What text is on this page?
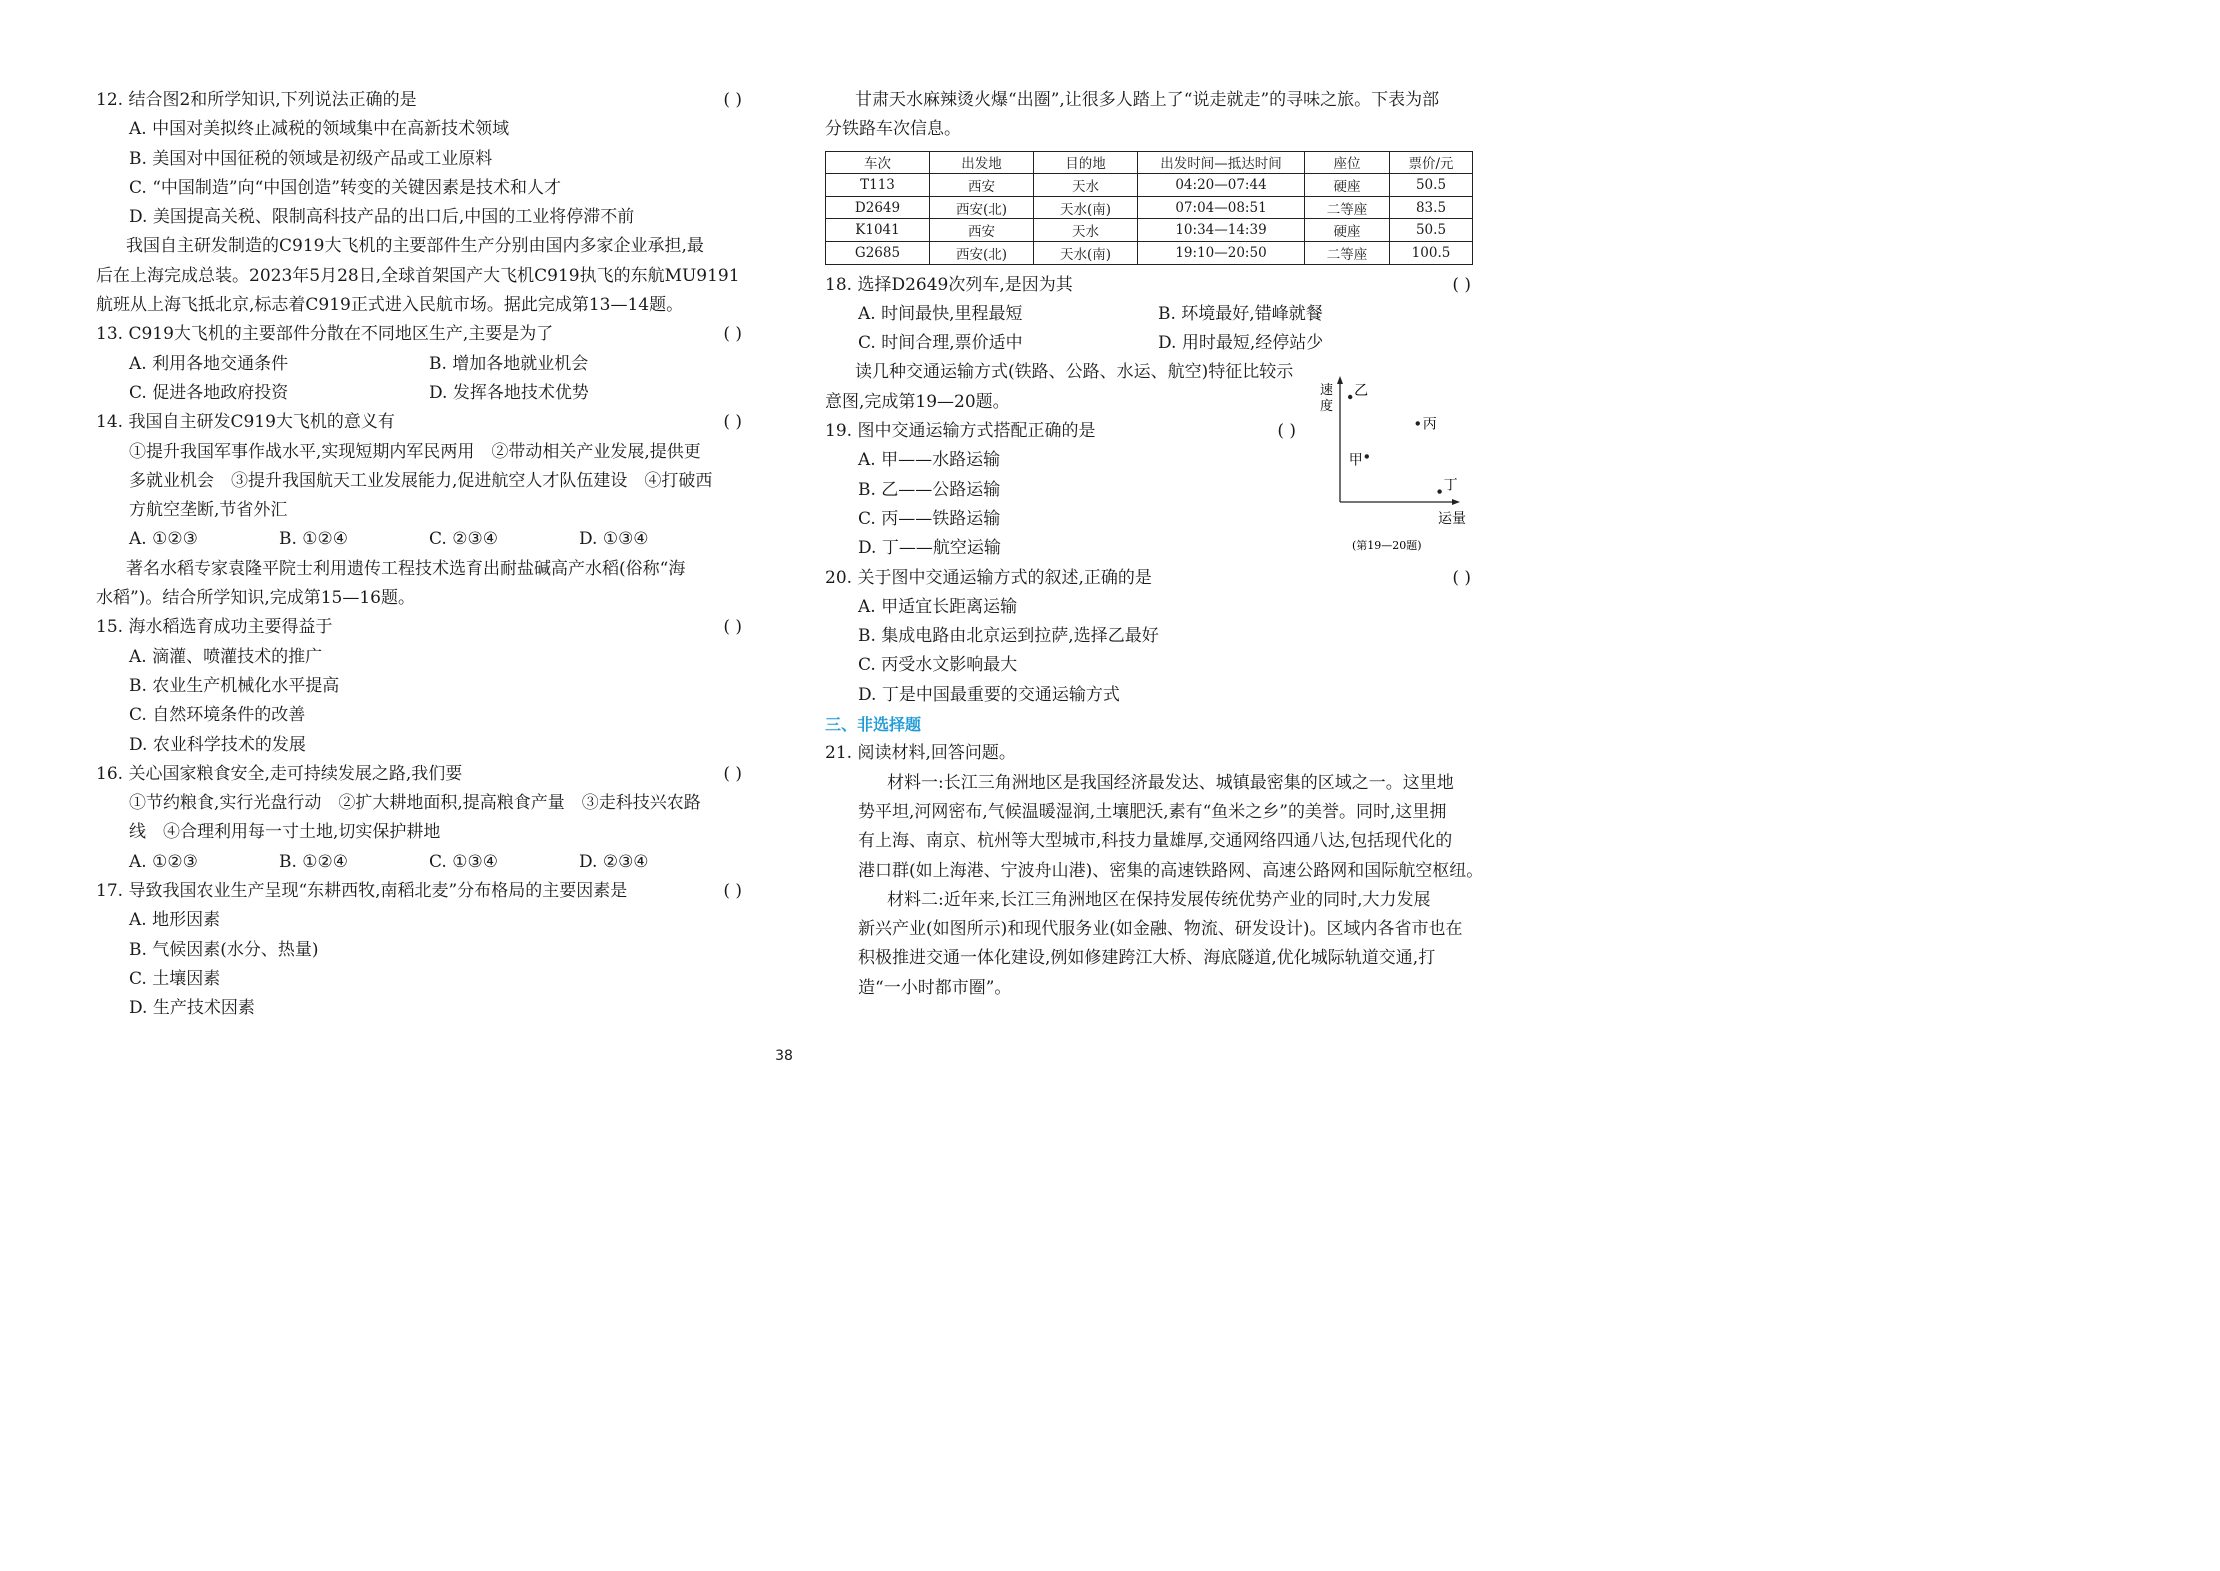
12. 结合图2和所学知识,下列说法正确的是	( )
A. 中国对美拟终止减税的领域集中在高新技术领域
B. 美国对中国征税的领域是初级产品或工业原料
C. “中国制造”向“中国创造”转变的关键因素是技术和人才
D. 美国提高关税、限制高科技产品的出口后,中国的工业将停滞不前
我国自主研发制造的C919大飞机的主要部件生产分别由国内多家企业承担,最
后在上海完成总装。2023年5月28日,全球首架国产大飞机C919执飞的东航MU9191
航班从上海飞抵北京,标志着C919正式进入民航市场。据此完成第13—14题。
13. C919大飞机的主要部件分散在不同地区生产,主要是为了	( )
A. 利用各地交通条件	B. 增加各地就业机会
C. 促进各地政府投资	D. 发挥各地技术优势
14. 我国自主研发C919大飞机的意义有	( )
①提升我国军事作战水平,实现短期内军民两用　②带动相关产业发展,提供更
多就业机会　③提升我国航天工业发展能力,促进航空人才队伍建设　④打破西
方航空垄断,节省外汇
A. ①②③	B. ①②④	C. ②③④	D. ①③④
著名水稻专家袁隆平院士利用遗传工程技术选育出耐盐碱高产水稻(俗称“海
水稻”)。结合所学知识,完成第15—16题。
15. 海水稻选育成功主要得益于	( )
A. 滴灌、喷灌技术的推广
B. 农业生产机械化水平提高
C. 自然环境条件的改善
D. 农业科学技术的发展
16. 关心国家粮食安全,走可持续发展之路,我们要	( )
①节约粮食,实行光盘行动　②扩大耕地面积,提高粮食产量　③走科技兴农路
线　④合理利用每一寸土地,切实保护耕地
A. ①②③	B. ①②④	C. ①③④	D. ②③④
17. 导致我国农业生产呈现“东耕西牧,南稻北麦”分布格局的主要因素是	( )
A. 地形因素
B. 气候因素(水分、热量)
C. 土壤因素
D. 生产技术因素
甘肃天水麻辣烫火爆“出圈”,让很多人踏上了“说走就走”的寻味之旅。下表为部
分铁路车次信息。
车次	出发地	目的地	出发时间—抵达时间	座位	票价/元
T113	西安	天水	04:20—07:44	硬座	50.5
D2649	西安(北)	天水(南)	07:04—08:51	二等座	83.5
K1041	西安	天水	10:34—14:39	硬座	50.5
G2685	西安(北)	天水(南)	19:10—20:50	二等座	100.5
18. 选择D2649次列车,是因为其	( )
A. 时间最快,里程最短	B. 环境最好,错峰就餐
C. 时间合理,票价适中	D. 用时最短,经停站少
读几种交通运输方式(铁路、公路、水运、航空)特征比较示
意图,完成第19—20题。
19. 图中交通运输方式搭配正确的是	( )
A. 甲——水路运输
B. 乙——公路运输
C. 丙——铁路运输
D. 丁——航空运输
20. 关于图中交通运输方式的叙述,正确的是	( )
A. 甲适宜长距离运输
B. 集成电路由北京运到拉萨,选择乙最好
C. 丙受水文影响最大
D. 丁是中国最重要的交通运输方式
三、非选择题
21. 阅读材料,回答问题。
材料一:长江三角洲地区是我国经济最发达、城镇最密集的区域之一。这里地
势平坦,河网密布,气候温暖湿润,土壤肥沃,素有“鱼米之乡”的美誉。同时,这里拥
有上海、南京、杭州等大型城市,科技力量雄厚,交通网络四通八达,包括现代化的
港口群(如上海港、宁波舟山港)、密集的高速铁路网、高速公路网和国际航空枢纽。
材料二:近年来,长江三角洲地区在保持发展传统优势产业的同时,大力发展
新兴产业(如图所示)和现代服务业(如金融、物流、研发设计)。区域内各省市也在
积极推进交通一体化建设,例如修建跨江大桥、海底隧道,优化城际轨道交通,打
造“一小时都市圈”。
速 度
运量
乙
丙
甲
丁
(第19—20题)
38
